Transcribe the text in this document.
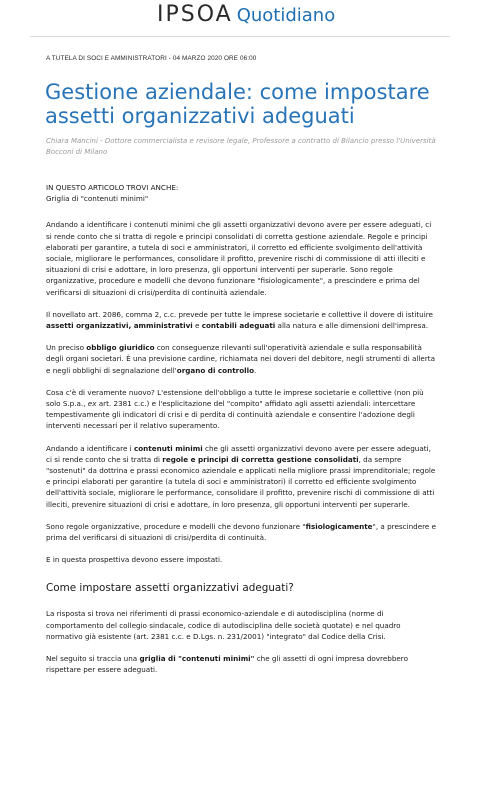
IPSOA Quotidiano
A TUTELA DI SOCI E AMMINISTRATORI - 04 MARZO 2020 ORE 06:00
Gestione aziendale: come impostare assetti organizzativi adeguati

Chiara Mancini - Dottore commercialista e revisore legale, Professore a contratto di Bilancio presso l'Università Bocconi di Milano

IN QUESTO ARTICOLO TROVI ANCHE:
Griglia di "contenuti minimi"

Andando a identificare i contenuti minimi che gli assetti organizzativi devono avere per essere adeguati, ci si rende conto che si tratta di regole e principi consolidati di corretta gestione aziendale. Regole e principi elaborati per garantire, a tutela di soci e amministratori, il corretto ed efficiente svolgimento dell'attività sociale, migliorare le performances, consolidare il profitto, prevenire rischi di commissione di atti illeciti e situazioni di crisi e adottare, in loro presenza, gli opportuni interventi per superarle. Sono regole organizzative, procedure e modelli che devono funzionare "fisiologicamente", a prescindere e prima del verificarsi di situazioni di crisi/perdita di continuità aziendale.

Il novellato art. 2086, comma 2, c.c. prevede per tutte le imprese societarie e collettive il dovere di istituire assetti organizzativi, amministrativi e contabili adeguati alla natura e alle dimensioni dell'impresa.

Un preciso obbligo giuridico con conseguenze rilevanti sull'operatività aziendale e sulla responsabilità degli organi societari. È una previsione cardine, richiamata nei doveri del debitore, negli strumenti di allerta e negli obblighi di segnalazione dell'organo di controllo.

Cosa c'è di veramente nuovo? L'estensione dell'obbligo a tutte le imprese societarie e collettive (non più solo S.p.a., ex art. 2381 c.c.) e l'esplicitazione del "compito" affidato agli assetti aziendali: intercettare tempestivamente gli indicatori di crisi e di perdita di continuità aziendale e consentire l'adozione degli interventi necessari per il relativo superamento.

Andando a identificare i contenuti minimi che gli assetti organizzativi devono avere per essere adeguati, ci si rende conto che si tratta di regole e principi di corretta gestione consolidati, da sempre "sostenuti" da dottrina e prassi economico aziendale e applicati nella migliore prassi imprenditoriale; regole e principi elaborati per garantire (a tutela di soci e amministratori) il corretto ed efficiente svolgimento dell'attività sociale, migliorare le performance, consolidare il profitto, prevenire rischi di commissione di atti illeciti, prevenire situazioni di crisi e adottare, in loro presenza, gli opportuni interventi per superarle.

Sono regole organizzative, procedure e modelli che devono funzionare "fisiologicamente", a prescindere e prima del verificarsi di situazioni di crisi/perdita di continuità.

E in questa prospettiva devono essere impostati.

Come impostare assetti organizzativi adeguati?

La risposta si trova nei riferimenti di prassi economico-aziendale e di autodisciplina (norme di comportamento del collegio sindacale, codice di autodisciplina delle società quotate) e nel quadro normativo già esistente (art. 2381 c.c. e D.Lgs. n. 231/2001) "integrato" dal Codice della Crisi.

Nel seguito si traccia una griglia di "contenuti minimi" che gli assetti di ogni impresa dovrebbero rispettare per essere adeguati.
